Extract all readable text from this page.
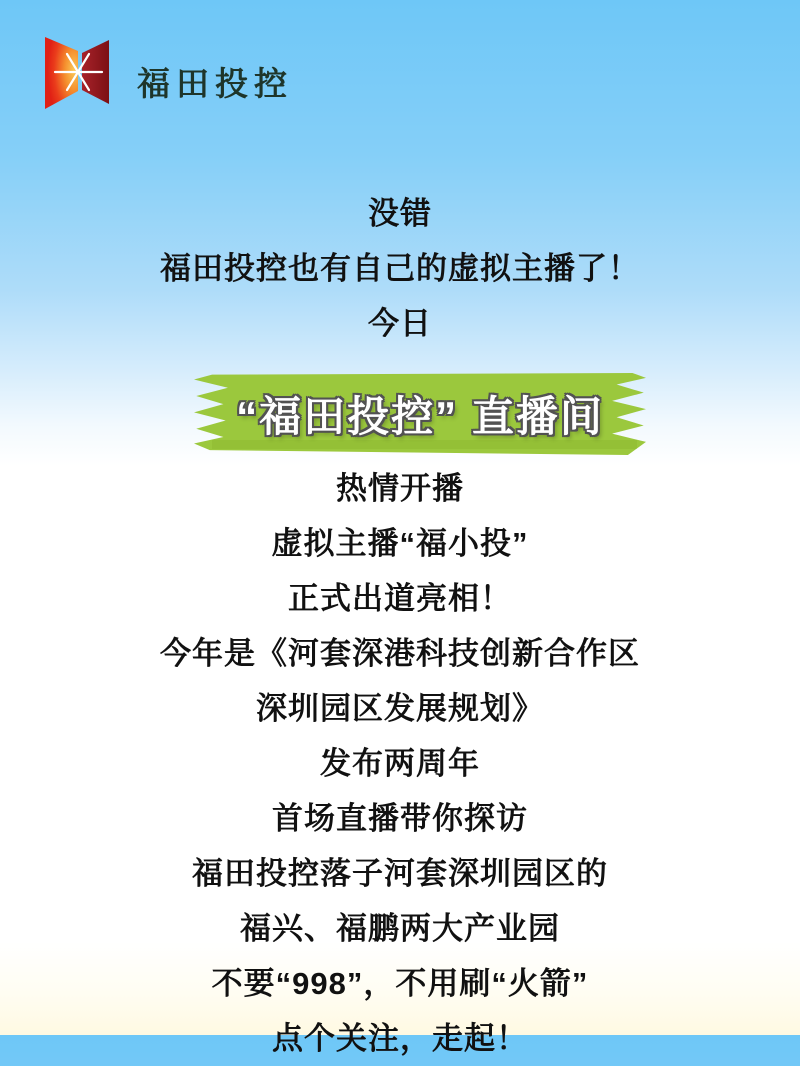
福田投控
没错
福田投控也有自己的虚拟主播了！
今日
“福田投控” 直播间
热情开播
虚拟主播“福小投”
正式出道亮相！
今年是《河套深港科技创新合作区
深圳园区发展规划》
发布两周年
首场直播带你探访
福田投控落子河套深圳园区的
福兴、福鹏两大产业园
不要“998”，不用刷“火箭”
点个关注，走起！
